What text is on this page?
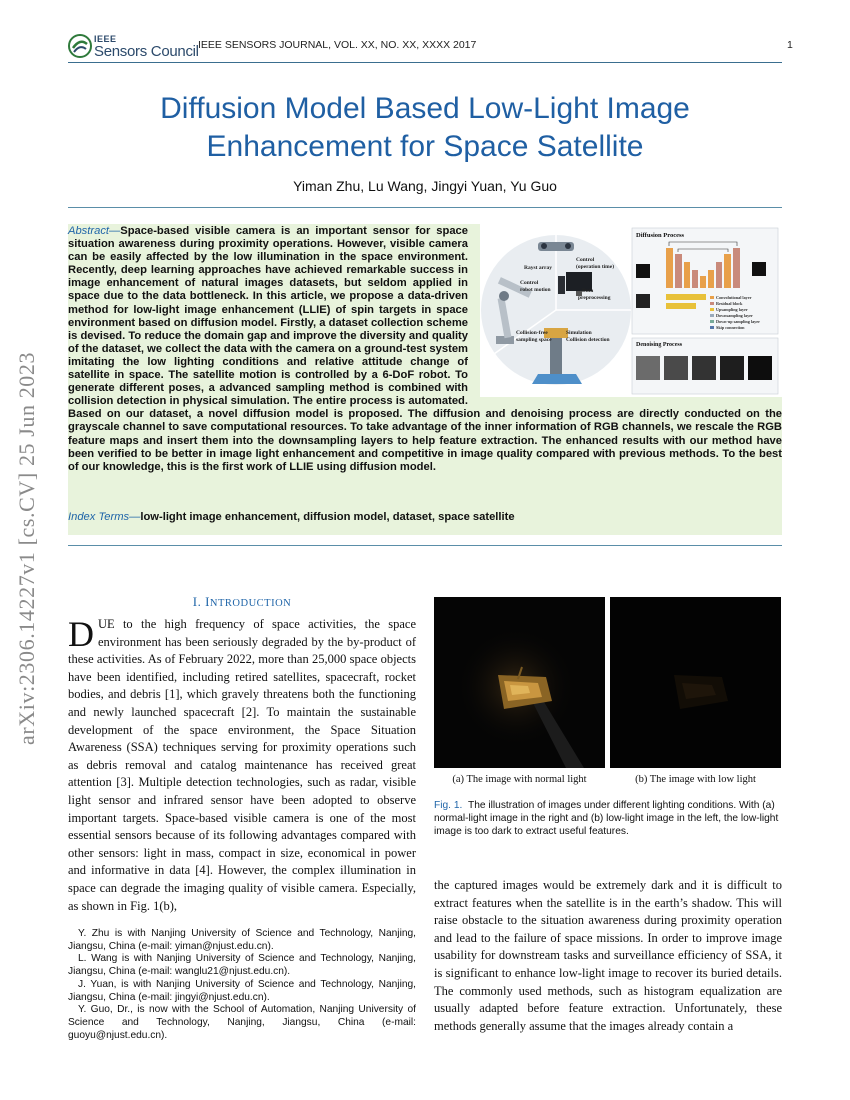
IEEE
Sensors Council IEEE SENSORS JOURNAL, VOL. XX, NO. XX, XXXX 2017	1
Diffusion Model Based Low-Light Image Enhancement for Space Satellite
Yiman Zhu, Lu Wang, Jingyi Yuan, Yu Guo
Rayst array
Control
(operation time)
Control
robot motion	Data
preprocessing
Collision-free
sampling space
Simulation
Collision detection
Diffusion Process
Convolutional layer
Residual block
Upsampling layer
Downsampling layer
Down-up sampling layer
Skip connection
Denoising Process
Abstract—Space-based visible camera is an important sensor for space situation awareness during proximity operations. However, visible camera can be easily affected by the low illumination in the space environment. Recently, deep learning approaches have achieved remarkable success in image enhancement of natural images datasets, but seldom applied in space due to the data bottleneck. In this article, we propose a data-driven method for low-light image enhancement (LLIE) of spin targets in space environment based on diffusion model. Firstly, a dataset collection scheme is devised. To reduce the domain gap and improve the diversity and quality of the dataset, we collect the data with the camera on a ground-test system imitating the low lighting conditions and relative attitude change of satellite in space. The satellite motion is controlled by a 6-DoF robot. To generate different poses, a advanced sampling method is combined with collision detection in physical simulation. The entire process is automated. Based on our dataset, a novel diffusion model is proposed. The diffusion and denoising process are directly conducted on the grayscale channel to save computational resources. To take advantage of the inner information of RGB channels, we rescale the RGB feature maps and insert them into the downsampling layers to help feature extraction. The enhanced results with our method have been verified to be better in image light enhancement and competitive in image quality compared with previous methods. To the best of our knowledge, this is the first work of LLIE using diffusion model.
Index Terms—low-light image enhancement, diffusion model, dataset, space satellite
arXiv:2306.14227v1 [cs.CV] 25 Jun 2023	I. INTRODUCTION
DUE to the high frequency of space activities, the space environment has been seriously degraded by the by-product of these activities. As of February 2022, more than 25,000 space objects have been identified, including retired satellites, spacecraft, rocket bodies, and debris [1], which gravely threatens both the functioning and newly launched spacecraft [2]. To maintain the sustainable development of the space environment, the Space Situation Awareness (SSA) techniques serving for proximity operations such as debris removal and catalog maintenance has received great attention [3]. Multiple detection technologies, such as radar, visible light sensor and infrared sensor have been adopted to observe important targets. Space-based visible camera is one of the most essential sensors because of its following advantages compared with other sensors: light in mass, compact in size, economical in power and informative in data [4]. However, the complex illumination in space can degrade the imaging quality of visible camera. Especially, as shown in Fig. 1(b),
(a) The image with normal light	(b) The image with low light
Fig. 1. The illustration of images under different lighting conditions. With (a) normal-light image in the right and (b) low-light image in the left, the low-light image is too dark to extract useful features.
the captured images would be extremely dark and it is difficult to extract features when the satellite is in the earth’s shadow. This will raise obstacle to the situation awareness during proximity operation and lead to the failure of space missions. In order to improve image usability for downstream tasks and surveillance efficiency of SSA, it is significant to enhance low-light image to recover its buried details. The commonly used methods, such as histogram equalization are usually adapted before feature extraction. Unfortunately, these methods generally assume that the images already contain a

Y. Zhu is with Nanjing University of Science and Technology, Nanjing, Jiangsu, China (e-mail: yiman@njust.edu.cn).

L. Wang is with Nanjing University of Science and Technology, Nanjing, Jiangsu, China (e-mail: wanglu21@njust.edu.cn).

J. Yuan, is with Nanjing University of Science and Technology, Nanjing, Jiangsu, China (e-mail: jingyi@njust.edu.cn).

Y. Guo, Dr., is now with the School of Automation, Nanjing University of Science and Technology, Nanjing, Jiangsu, China (e-mail: guoyu@njust.edu.cn).
